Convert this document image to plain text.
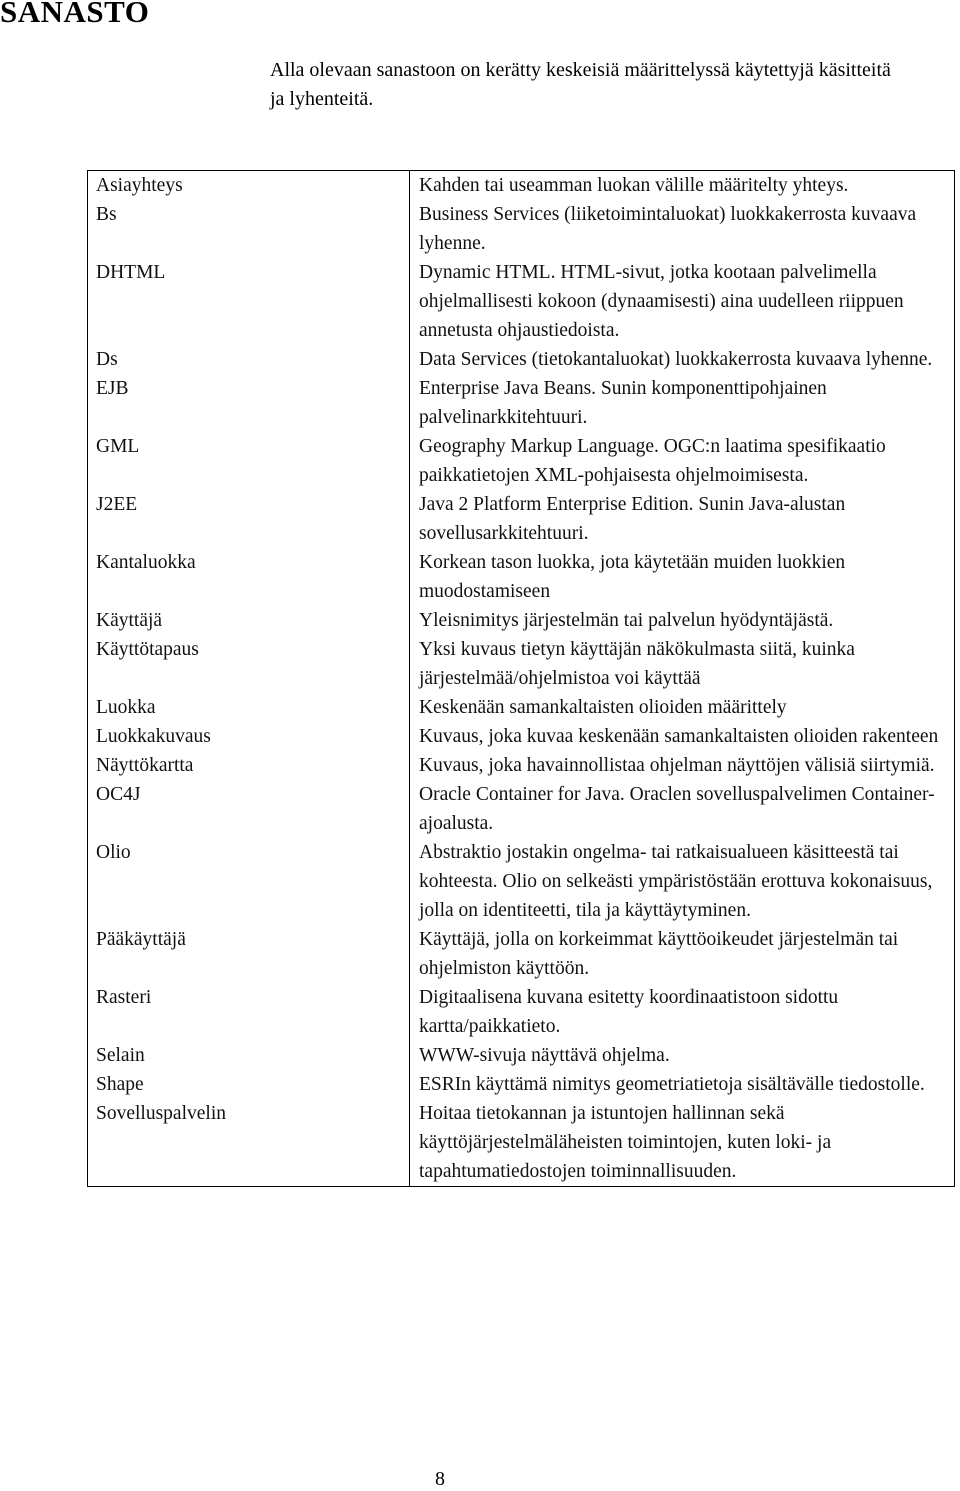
SANASTO

Alla olevaan sanastoon on kerätty keskeisiä määrittelyssä käytettyjä käsitteitä ja lyhenteitä.

Asiayhteys	Kahden tai useamman luokan välille määritelty yhteys.
Bs	Business Services (liiketoimintaluokat) luokkakerrosta kuvaava lyhenne.
DHTML	Dynamic HTML. HTML-sivut, jotka kootaan palvelimella ohjelmallisesti kokoon (dynaamisesti) aina uudelleen riippuen annetusta ohjaustiedoista.
Ds	Data Services (tietokantaluokat) luokkakerrosta kuvaava lyhenne.
EJB	Enterprise Java Beans. Sunin komponenttipohjainen palvelinarkkitehtuuri.
GML	Geography Markup Language. OGC:n laatima spesifikaatio paikkatietojen XML-pohjaisesta ohjelmoimisesta.
J2EE	Java 2 Platform Enterprise Edition. Sunin Java-alustan sovellusarkkitehtuuri.
Kantaluokka	Korkean tason luokka, jota käytetään muiden luokkien muodostamiseen
Käyttäjä	Yleisnimitys järjestelmän tai palvelun hyödyntäjästä.
Käyttötapaus	Yksi kuvaus tietyn käyttäjän näkökulmasta siitä, kuinka järjestelmää/ohjelmistoa voi käyttää
Luokka	Keskenään samankaltaisten olioiden määrittely
Luokkakuvaus	Kuvaus, joka kuvaa keskenään samankaltaisten olioiden rakenteen
Näyttökartta	Kuvaus, joka havainnollistaa ohjelman näyttöjen välisiä siirtymiä.
OC4J	Oracle Container for Java. Oraclen sovelluspalvelimen Container-ajoalusta.
Olio	Abstraktio jostakin ongelma- tai ratkaisualueen käsitteestä tai kohteesta. Olio on selkeästi ympäristöstään erottuva kokonaisuus, jolla on identiteetti, tila ja käyttäytyminen.
Pääkäyttäjä	Käyttäjä, jolla on korkeimmat käyttöoikeudet järjestelmän tai ohjelmiston käyttöön.
Rasteri	Digitaalisena kuvana esitetty koordinaatistoon sidottu kartta/paikkatieto.
Selain	WWW-sivuja näyttävä ohjelma.
Shape	ESRIn käyttämä nimitys geometriatietoja sisältävälle tiedostolle.
Sovelluspalvelin	Hoitaa tietokannan ja istuntojen hallinnan sekä käyttöjärjestelmäläheisten toimintojen, kuten loki- ja tapahtumatiedostojen toiminnallisuuden.
8
